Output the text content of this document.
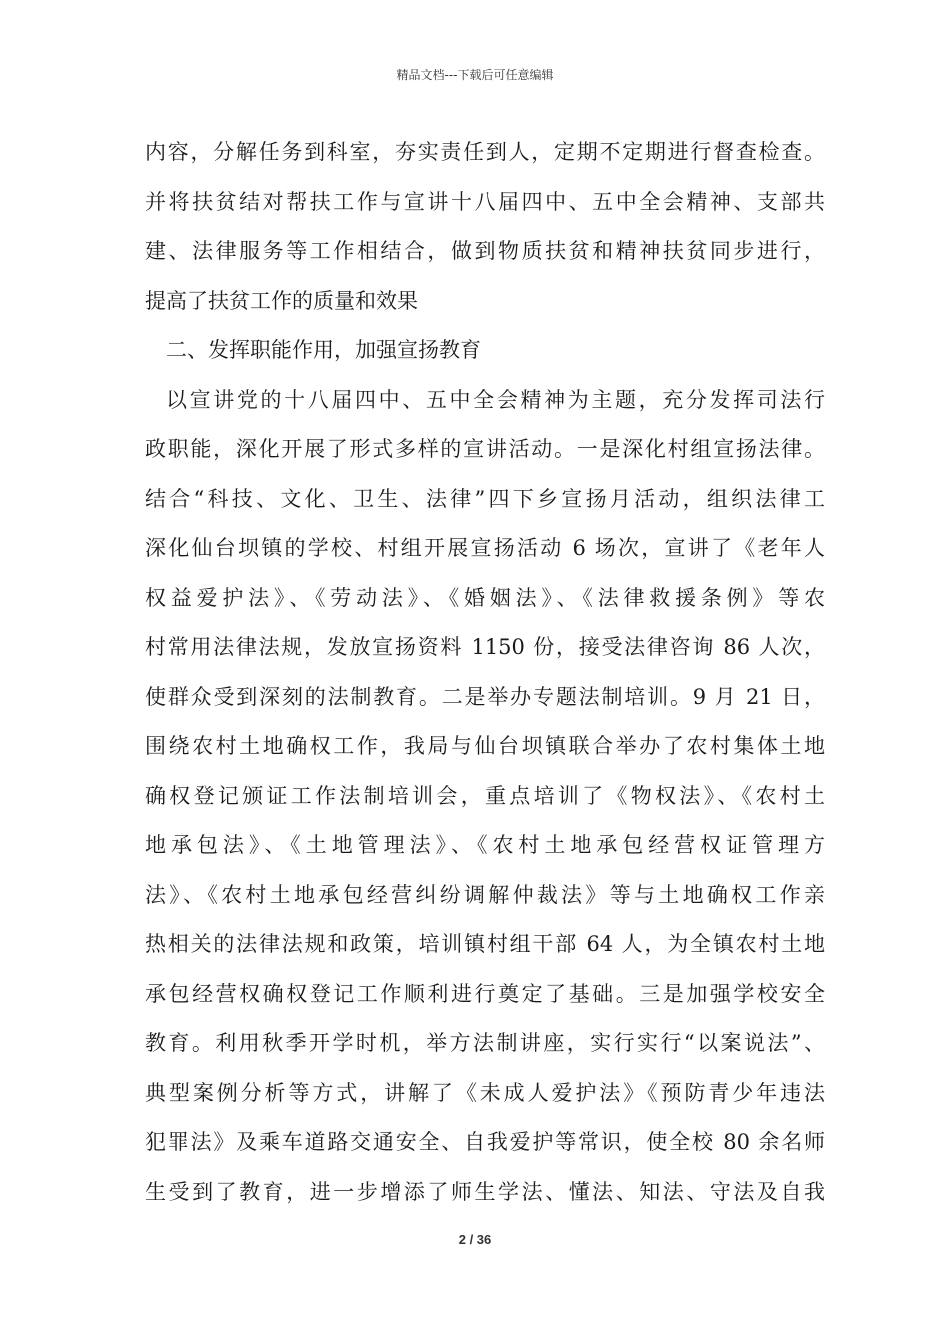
精品文档---下载后可任意编辑
内容，分解任务到科室，夯实责任到人，定期不定期进行督查检查。
并将扶贫结对帮扶工作与宣讲十八届四中、五中全会精神、支部共
建、法律服务等工作相结合，做到物质扶贫和精神扶贫同步进行，
提高了扶贫工作的质量和效果
二、发挥职能作用，加强宣扬教育
以宣讲党的十八届四中、五中全会精神为主题，充分发挥司法行
政职能，深化开展了形式多样的宣讲活动。一是深化村组宣扬法律。
结合“科技、文化、卫生、法律”四下乡宣扬月活动，组织法律工
深化仙台坝镇的学校、村组开展宣扬活动 6 场次，宣讲了《老年人
权益爱护法》、《劳动法》、《婚姻法》、《法律救援条例》等农
村常用法律法规，发放宣扬资料 1150 份，接受法律咨询 86 人次，
使群众受到深刻的法制教育。二是举办专题法制培训。9 月 21 日，
围绕农村土地确权工作，我局与仙台坝镇联合举办了农村集体土地
确权登记颁证工作法制培训会，重点培训了《物权法》、《农村土
地承包法》、《土地管理法》、《农村土地承包经营权证管理方
法》、《农村土地承包经营纠纷调解仲裁法》等与土地确权工作亲
热相关的法律法规和政策，培训镇村组干部 64 人，为全镇农村土地
承包经营权确权登记工作顺利进行奠定了基础。三是加强学校安全
教育。利用秋季开学时机，举方法制讲座，实行实行“以案说法”、
典型案例分析等方式，讲解了《未成人爱护法》《预防青少年违法
犯罪法》及乘车道路交通安全、自我爱护等常识，使全校 80 余名师
生受到了教育，进一步增添了师生学法、懂法、知法、守法及自我
2 / 36
